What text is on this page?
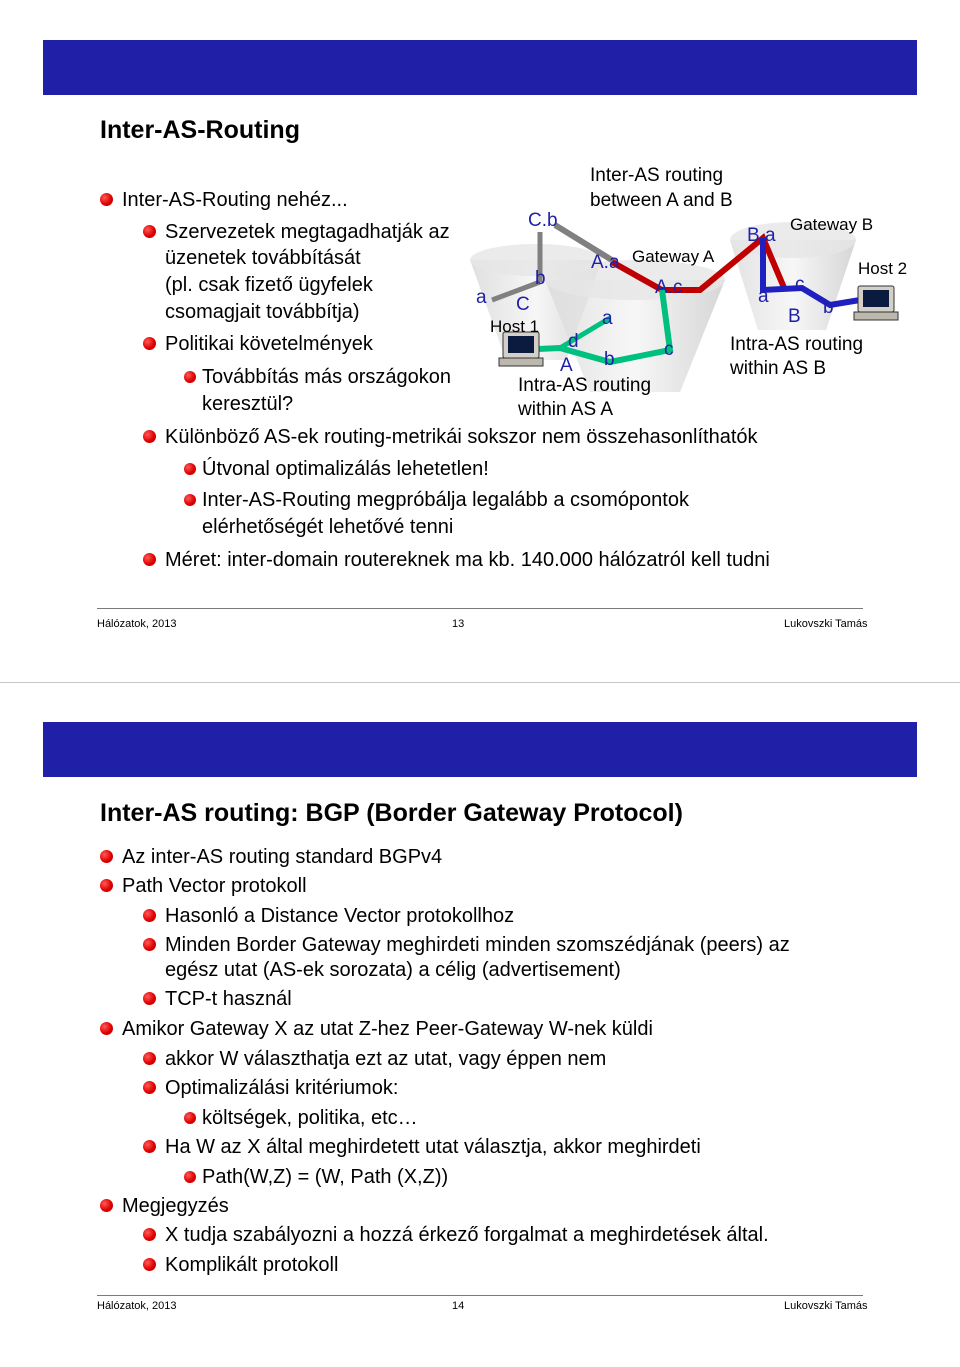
Inter-AS-Routing
Inter-AS routing
between A and B
Intra-AS routing
within AS B
Intra-AS routing
within AS A
Gateway B
Gateway A
Host 2
Host 1
C.b
B.a
A.a
A.c
b
a C
a
d
A b	c
a
c
B b
Inter-AS-Routing nehéz...
Szervezetek megtagadhatják az
üzenetek továbbítását
(pl. csak fizető ügyfelek
csomagjait továbbítja)
Politikai követelmények
Továbbítás más országokon
keresztül?
Különböző AS-ek routing-metrikái sokszor nem összehasonlíthatók
Útvonal optimalizálás lehetetlen!
Inter-AS-Routing megpróbálja legalább a csomópontok
elérhetőségét lehetővé tenni
Méret: inter-domain routereknek ma kb. 140.000 hálózatról kell tudni
Hálózatok, 2013	13	Lukovszki Tamás
Inter-AS routing: BGP (Border Gateway Protocol)
Az inter-AS routing standard BGPv4
Path Vector protokoll
Hasonló a Distance Vector protokollhoz
Minden Border Gateway meghirdeti minden szomszédjának (peers) az
egész utat (AS-ek sorozata) a célig (advertisement)
TCP-t használ
Amikor Gateway X az utat Z-hez Peer-Gateway W-nek küldi
akkor W választhatja ezt az utat, vagy éppen nem
Optimalizálási kritériumok:
költségek, politika, etc…
Ha W az X által meghirdetett utat választja, akkor meghirdeti
Path(W,Z) = (W, Path (X,Z))
Megjegyzés
X tudja szabályozni a hozzá érkező forgalmat a meghirdetések által.
Komplikált protokoll
Hálózatok, 2013	14	Lukovszki Tamás
